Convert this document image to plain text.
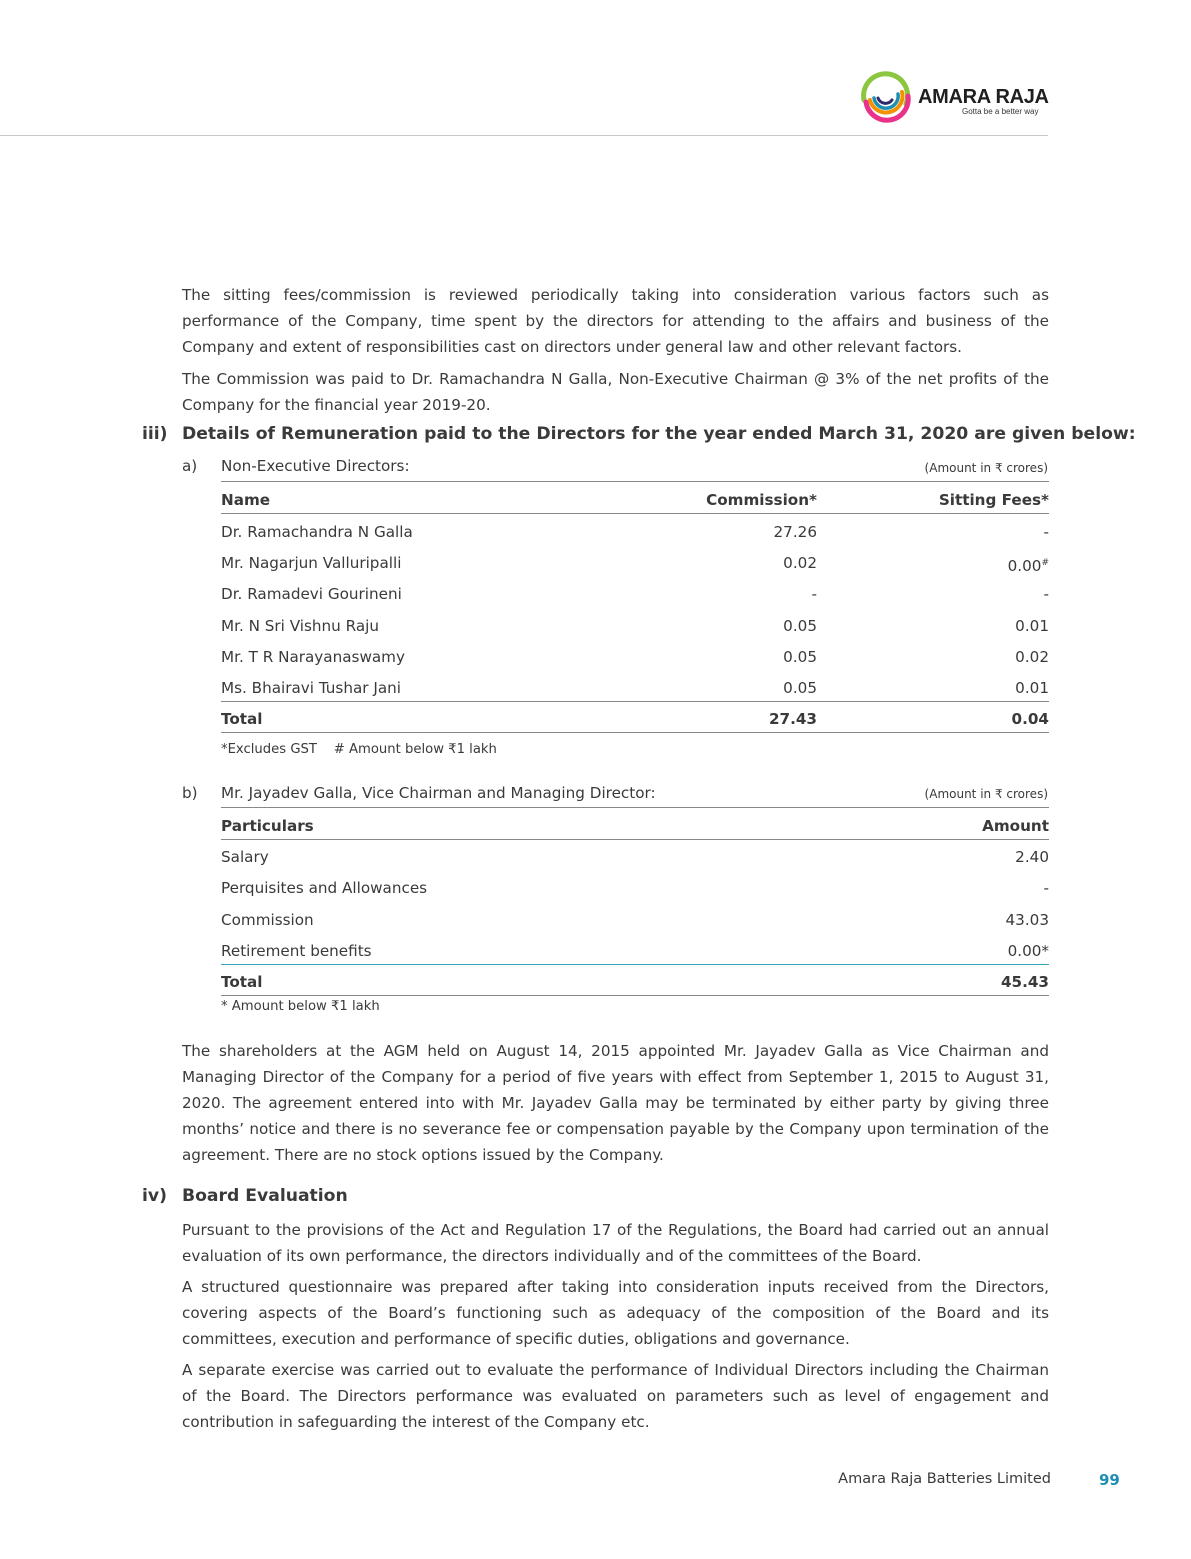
AMARA RAJA
Gotta be a better way

The sitting fees/commission is reviewed periodically taking into consideration various factors such as performance of the Company, time spent by the directors for attending to the affairs and business of the Company and extent of responsibilities cast on directors under general law and other relevant factors.

The Commission was paid to Dr. Ramachandra N Galla, Non-Executive Chairman @ 3% of the net profits of the Company for the financial year 2019-20.

iii) Details of Remuneration paid to the Directors for the year ended March 31, 2020 are given below:
a) Non-Executive Directors:	(Amount in ₹ crores)
Name	Commission*	Sitting Fees*
Dr. Ramachandra N Galla	27.26	-
Mr. Nagarjun Valluripalli	0.02	0.00#
Dr. Ramadevi Gourineni	-	-
Mr. N Sri Vishnu Raju	0.05	0.01
Mr. T R Narayanaswamy	0.05	0.02
Ms. Bhairavi Tushar Jani	0.05	0.01
Total	27.43	0.04
*Excludes GST    # Amount below ₹1 lakh
b) Mr. Jayadev Galla, Vice Chairman and Managing Director:	(Amount in ₹ crores)
Particulars	Amount
Salary	2.40
Perquisites and Allowances	-
Commission	43.03
Retirement benefits	0.00*
Total	45.43
* Amount below ₹1 lakh

The shareholders at the AGM held on August 14, 2015 appointed Mr. Jayadev Galla as Vice Chairman and Managing Director of the Company for a period of five years with effect from September 1, 2015 to August 31, 2020. The agreement entered into with Mr. Jayadev Galla may be terminated by either party by giving three months’ notice and there is no severance fee or compensation payable by the Company upon termination of the agreement. There are no stock options issued by the Company.

iv) Board Evaluation

Pursuant to the provisions of the Act and Regulation 17 of the Regulations, the Board had carried out an annual evaluation of its own performance, the directors individually and of the committees of the Board.

A structured questionnaire was prepared after taking into consideration inputs received from the Directors, covering aspects of the Board’s functioning such as adequacy of the composition of the Board and its committees, execution and performance of specific duties, obligations and governance.

A separate exercise was carried out to evaluate the performance of Individual Directors including the Chairman of the Board. The Directors performance was evaluated on parameters such as level of engagement and contribution in safeguarding the interest of the Company etc.

Amara Raja Batteries Limited	99
